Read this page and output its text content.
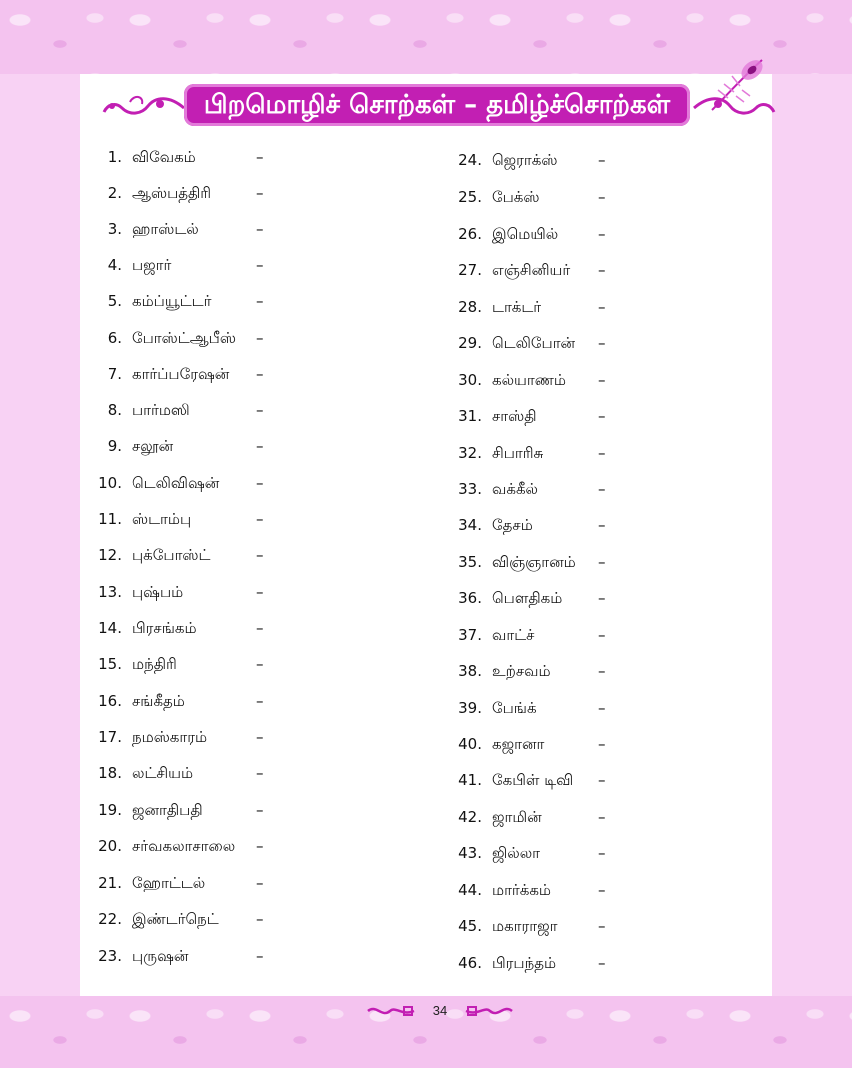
பிறமொழிச் சொற்கள் – தமிழ்ச்சொற்கள்
1. விவேகம்	–
2. ஆஸ்பத்திரி	–
3. ஹாஸ்டல்	–
4. பஜார்	–
5. கம்ப்யூட்டர்	–
6. போஸ்ட்ஆபீஸ் –
7. கார்ப்பரேஷன் –
8. பார்மஸி	–
9. சலூன்	–
10. டெலிவிஷன் –
11. ஸ்டாம்பு	–
12. புக்போஸ்ட்	–
13. புஷ்பம்	–
14. பிரசங்கம்	–
15. மந்திரி	–
16. சங்கீதம்	–
17. நமஸ்காரம்	–
18. லட்சியம்	–
19. ஜனாதிபதி	–
20. சர்வகலாசாலை –
21. ஹோட்டல்	–
22. இண்டர்நெட் –
23. புருஷன்	–
24. ஜெராக்ஸ்	–
25. பேக்ஸ்	–
26. இமெயில்	–
27. எஞ்சினியர் –
28. டாக்டர்	–
29. டெலிபோன் –
30. கல்யாணம் –
31. சாஸ்தி	–
32. சிபாரிசு	–
33. வக்கீல்	–
34. தேசம்	–
35. விஞ்ஞானம் –
36. பௌதிகம் –
37. வாட்ச்	–
38. உற்சவம்	–
39. பேங்க்	–
40. கஜானா	–
41. கேபிள் டிவி –
42. ஜாமின்	–
43. ஜில்லா	–
44. மார்க்கம்	–
45. மகாராஜா	–
46. பிரபந்தம்	–
34
